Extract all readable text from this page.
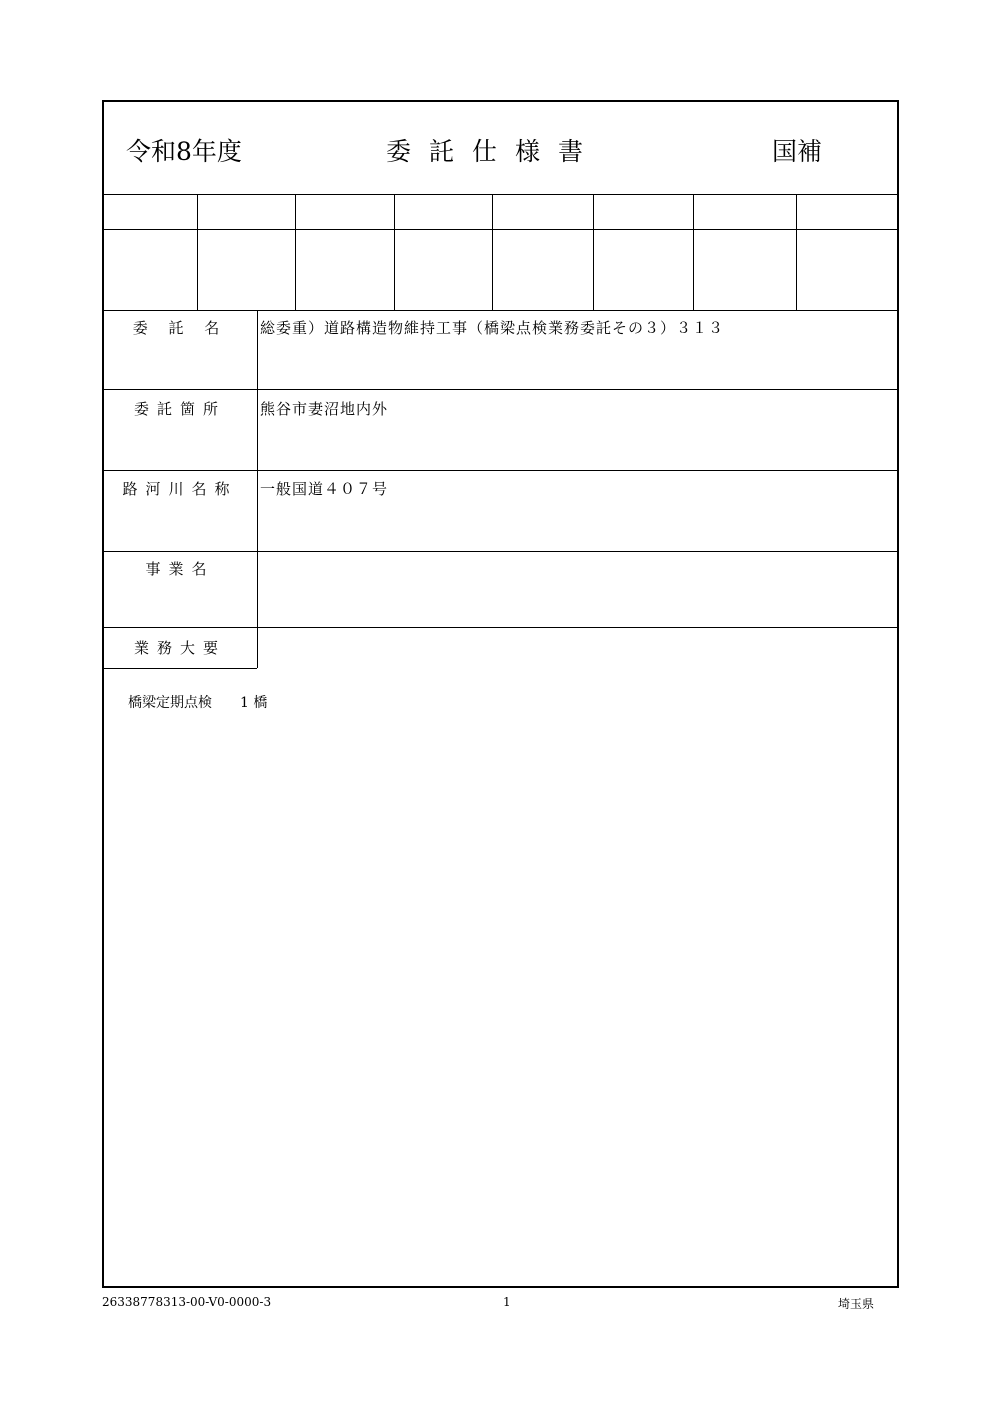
令和8年度	委託仕様書	国補
委 託 名	総委重）道路構造物維持工事（橋梁点検業務委託その３）３１３
委託箇所	熊谷市妻沼地内外
路河川名称	一般国道４０７号
事業名
業務大要
橋梁定期点検 1 橋
26338778313-00-V0-0000-3	1	埼玉県
